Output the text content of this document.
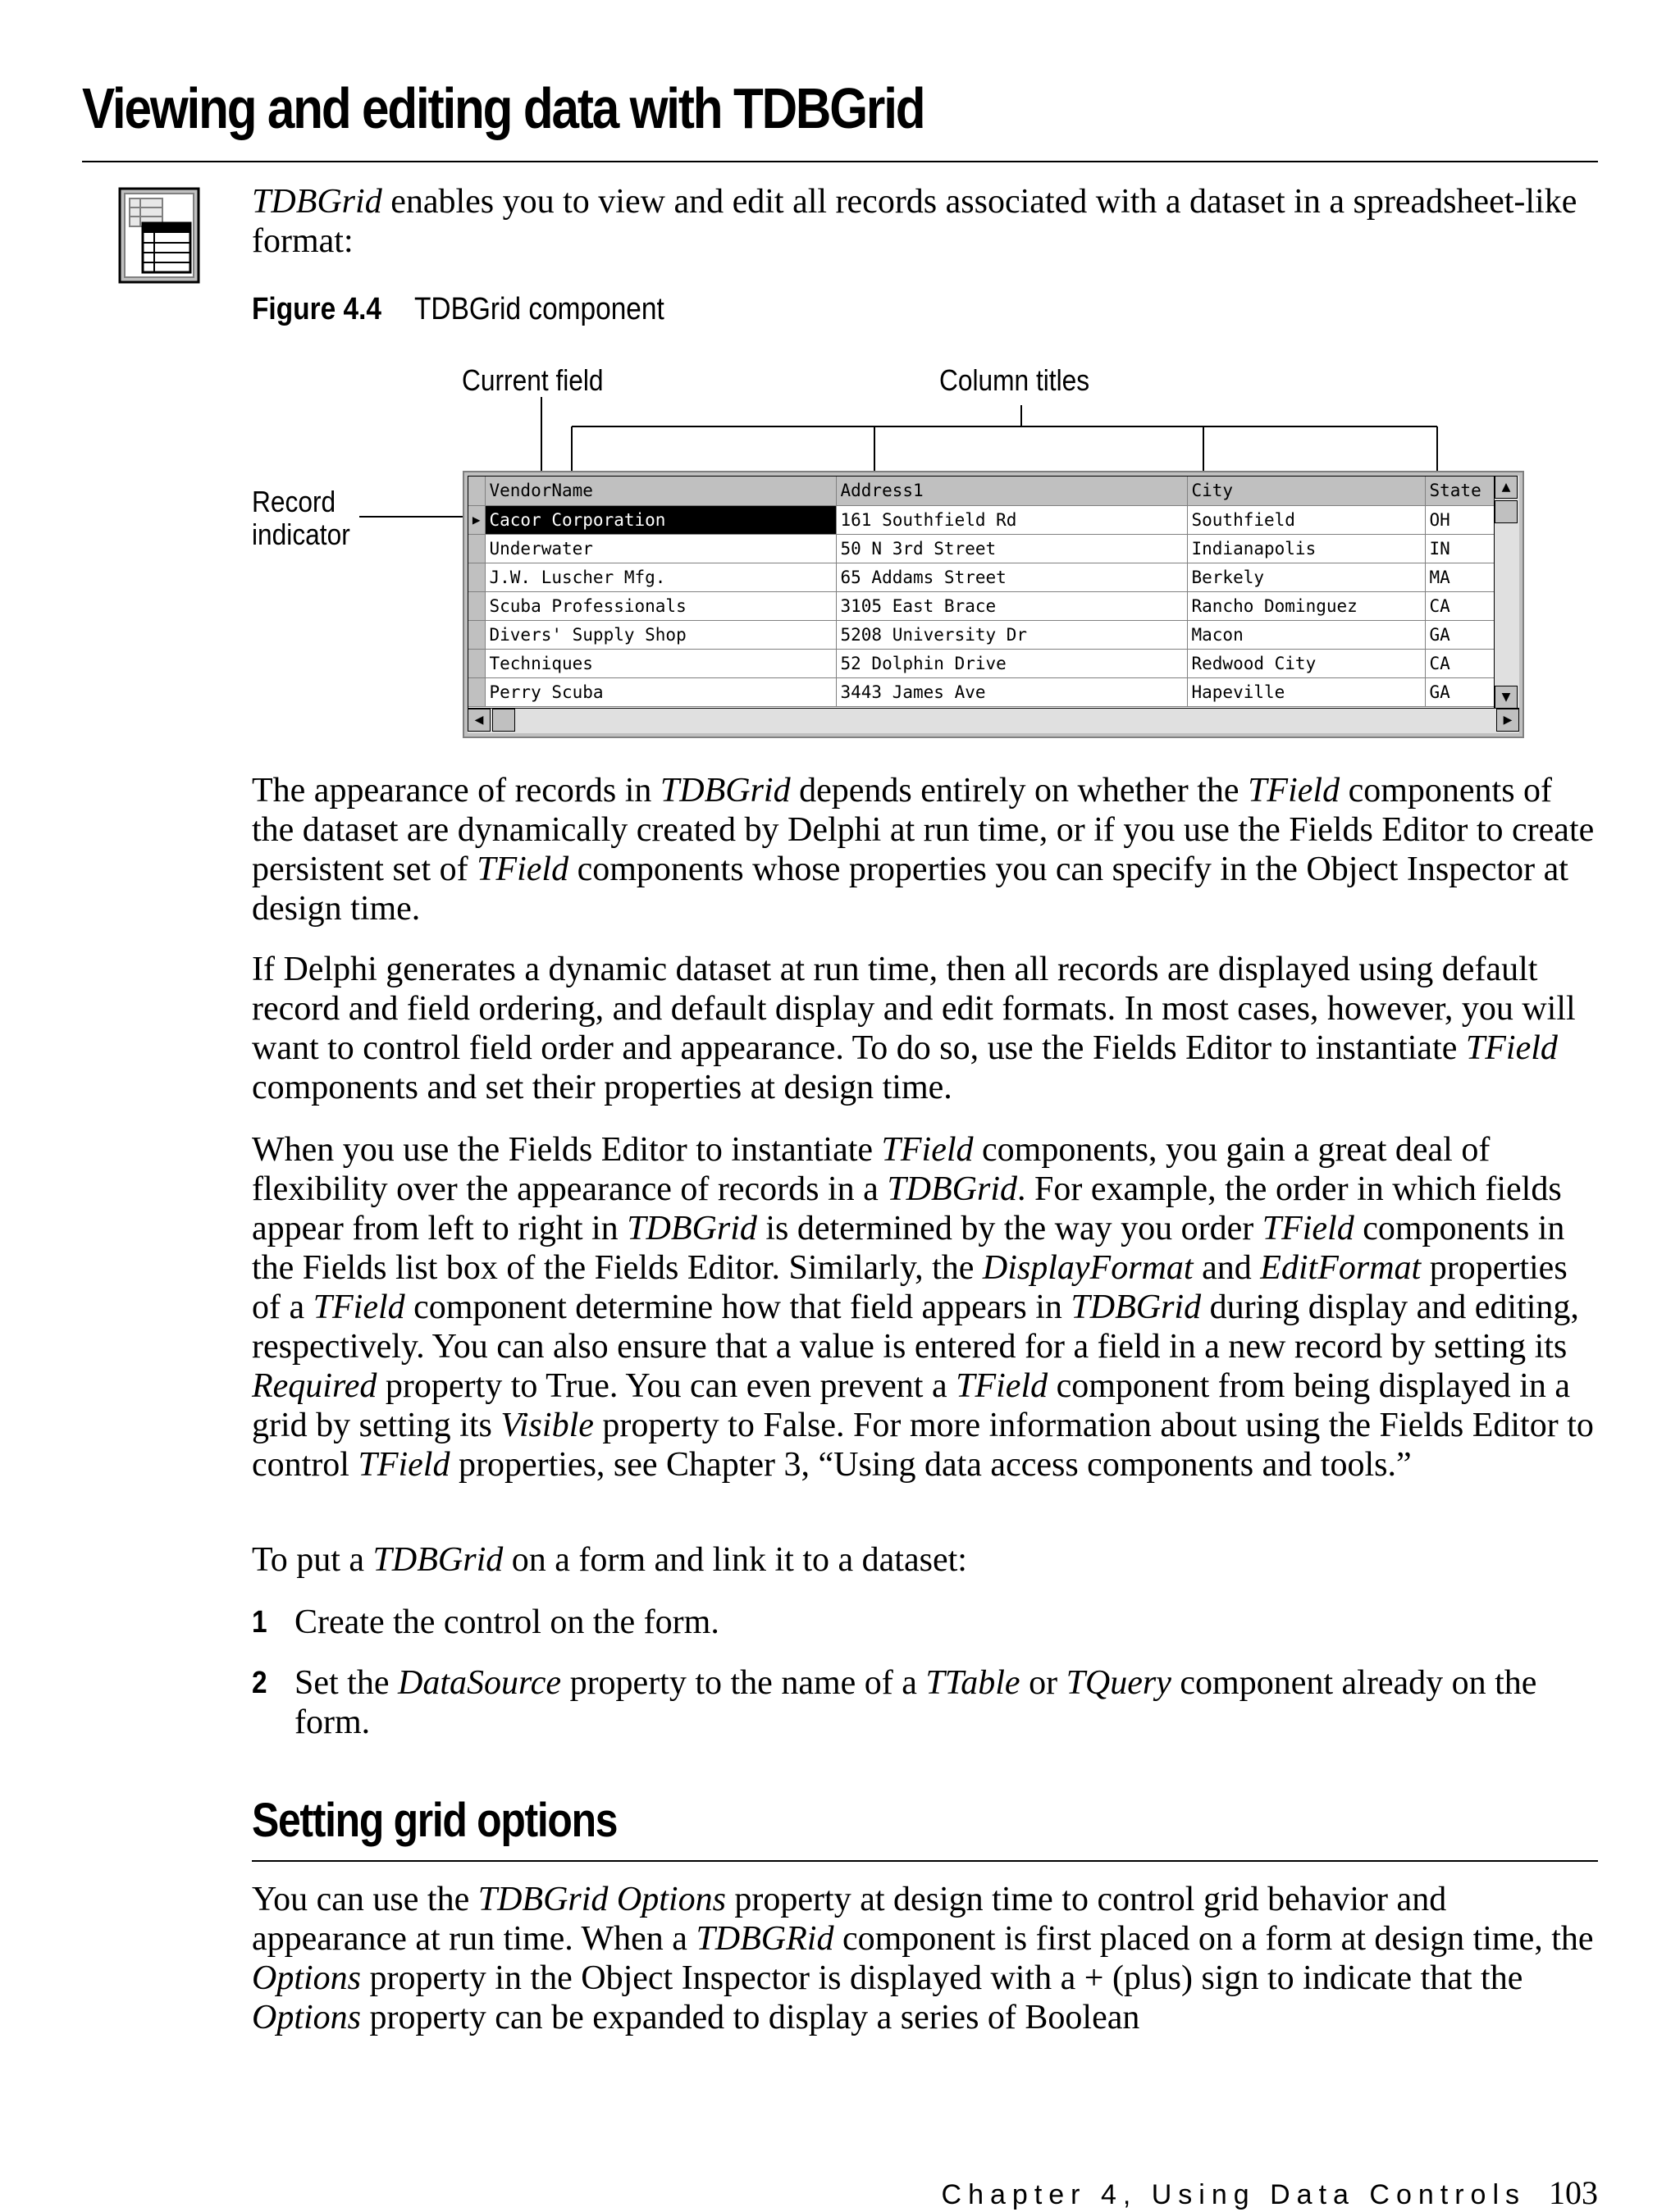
Viewing and editing data with TDBGrid

TDBGrid enables you to view and edit all records associated with a dataset in a spreadsheet-like format:

Figure 4.4 TDBGrid component
Current field	Column titles
Record
indicator
	VendorName	Address1	City	State
▶	Cacor Corporation	161 Southfield Rd	Southfield	OH
	Underwater	50 N 3rd Street	Indianapolis	IN
	J.W. Luscher Mfg.	65 Addams Street	Berkely	MA
	Scuba Professionals	3105 East Brace	Rancho Dominguez	CA
	Divers' Supply Shop	5208 University Dr	Macon	GA
	Techniques	52 Dolphin Drive	Redwood City	CA
	Perry Scuba	3443 James Ave	Hapeville	GA
▲
▼
◀	▶

The appearance of records in TDBGrid depends entirely on whether the TField components of the dataset are dynamically created by Delphi at run time, or if you use the Fields Editor to create persistent set of TField components whose properties you can specify in the Object Inspector at design time.

If Delphi generates a dynamic dataset at run time, then all records are displayed using default record and field ordering, and default display and edit formats. In most cases, however, you will want to control field order and appearance. To do so, use the Fields Editor to instantiate TField components and set their properties at design time.

When you use the Fields Editor to instantiate TField components, you gain a great deal of flexibility over the appearance of records in a TDBGrid. For example, the order in which fields appear from left to right in TDBGrid is determined by the way you order TField components in the Fields list box of the Fields Editor. Similarly, the DisplayFormat and EditFormat properties of a TField component determine how that field appears in TDBGrid during display and editing, respectively. You can also ensure that a value is entered for a field in a new record by setting its Required property to True. You can even prevent a TField component from being displayed in a grid by setting its Visible property to False. For more information about using the Fields Editor to control TField properties, see Chapter 3, “Using data access components and tools.”

To put a TDBGrid on a form and link it to a dataset:

1 Create the control on the form.

2 Set the DataSource property to the name of a TTable or TQuery component already on the form.

Setting grid options

You can use the TDBGrid Options property at design time to control grid behavior and appearance at run time. When a TDBGRid component is first placed on a form at design time, the Options property in the Object Inspector is displayed with a + (plus) sign to indicate that the Options property can be expanded to display a series of Boolean

Chapter 4, Using Data Controls 103
